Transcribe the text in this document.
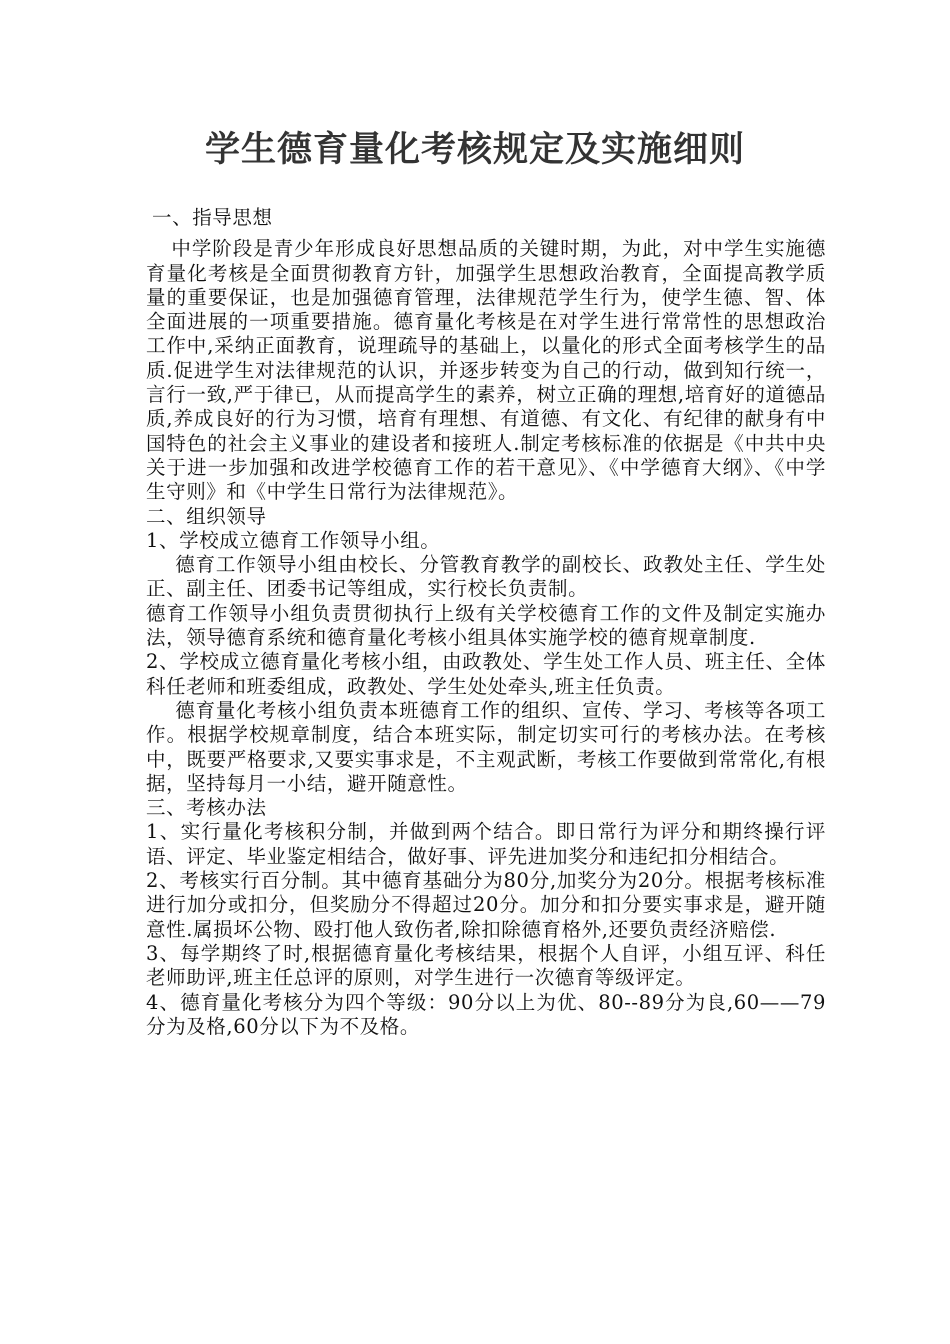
学生德育量化考核规定及实施细则

一、指导思想

中学阶段是青少年形成良好思想品质的关键时期，为此，对中学生实施德育量化考核是全面贯彻教育方针，加强学生思想政治教育，全面提高教学质量的重要保证，也是加强德育管理，法律规范学生行为，使学生德、智、体全面进展的一项重要措施。德育量化考核是在对学生进行常常性的思想政治工作中,采纳正面教育，说理疏导的基础上，以量化的形式全面考核学生的品质.促进学生对法律规范的认识，并逐步转变为自己的行动，做到知行统一，言行一致,严于律已，从而提高学生的素养，树立正确的理想,培育好的道德品质,养成良好的行为习惯，培育有理想、有道德、有文化、有纪律的献身有中国特色的社会主义事业的建设者和接班人.制定考核标准的依据是《中共中央关于进一步加强和改进学校德育工作的若干意见》、《中学德育大纲》、《中学生守则》和《中学生日常行为法律规范》。

二、组织领导

1、学校成立德育工作领导小组。

德育工作领导小组由校长、分管教育教学的副校长、政教处主任、学生处正、副主任、团委书记等组成，实行校长负责制。

德育工作领导小组负责贯彻执行上级有关学校德育工作的文件及制定实施办法，领导德育系统和德育量化考核小组具体实施学校的德育规章制度.

2、学校成立德育量化考核小组，由政教处、学生处工作人员、班主任、全体科任老师和班委组成，政教处、学生处处牵头,班主任负责。

德育量化考核小组负责本班德育工作的组织、宣传、学习、考核等各项工作。根据学校规章制度，结合本班实际，制定切实可行的考核办法。在考核中，既要严格要求,又要实事求是，不主观武断，考核工作要做到常常化,有根据，坚持每月一小结，避开随意性。

三、考核办法

1、实行量化考核积分制，并做到两个结合。即日常行为评分和期终操行评语、评定、毕业鉴定相结合，做好事、评先进加奖分和违纪扣分相结合。

2、考核实行百分制。其中德育基础分为80分,加奖分为20分。根据考核标准进行加分或扣分，但奖励分不得超过20分。加分和扣分要实事求是，避开随意性.属损坏公物、殴打他人致伤者,除扣除德育格外,还要负责经济赔偿.

3、每学期终了时,根据德育量化考核结果，根据个人自评，小组互评、科任老师助评,班主任总评的原则，对学生进行一次德育等级评定。

4、德育量化考核分为四个等级：90分以上为优、80--89分为良,60——79分为及格,60分以下为不及格。
